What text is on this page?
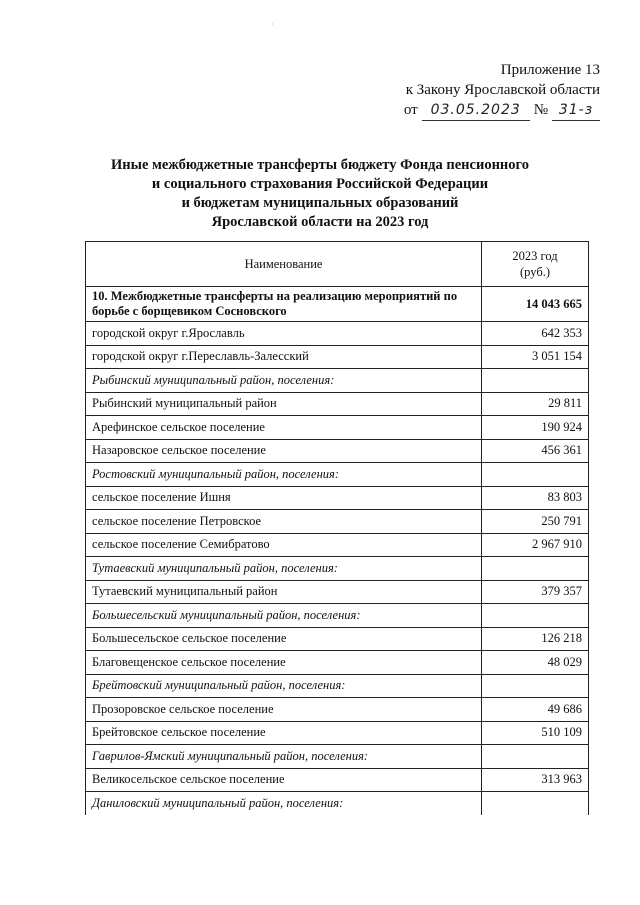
·
Приложение 13
к Закону Ярославской области
от 03.05.2023 № 31-з
Иные межбюджетные трансферты бюджету Фонда пенсионного
и социального страхования Российской Федерации
и бюджетам муниципальных образований
Ярославской области на 2023 год
Наименование	2023 год
(руб.)
10. Межбюджетные трансферты на реализацию мероприятий по борьбе с борщевиком Сосновского	14 043 665
городской округ г.Ярославль	642 353
городской округ г.Переславль-Залесский	3 051 154
Рыбинский муниципальный район, поселения:	
Рыбинский муниципальный район	29 811
Арефинское сельское поселение	190 924
Назаровское сельское поселение	456 361
Ростовский муниципальный район, поселения:	
сельское поселение Ишня	83 803
сельское поселение Петровское	250 791
сельское поселение Семибратово	2 967 910
Тутаевский муниципальный район, поселения:	
Тутаевский муниципальный район	379 357
Большесельский муниципальный район, поселения:	
Большесельское сельское поселение	126 218
Благовещенское сельское поселение	48 029
Брейтовский муниципальный район, поселения:	
Прозоровское сельское поселение	49 686
Брейтовское сельское поселение	510 109
Гаврилов-Ямский муниципальный район, поселения:	
Великосельское сельское поселение	313 963
Даниловский муниципальный район, поселения:	
